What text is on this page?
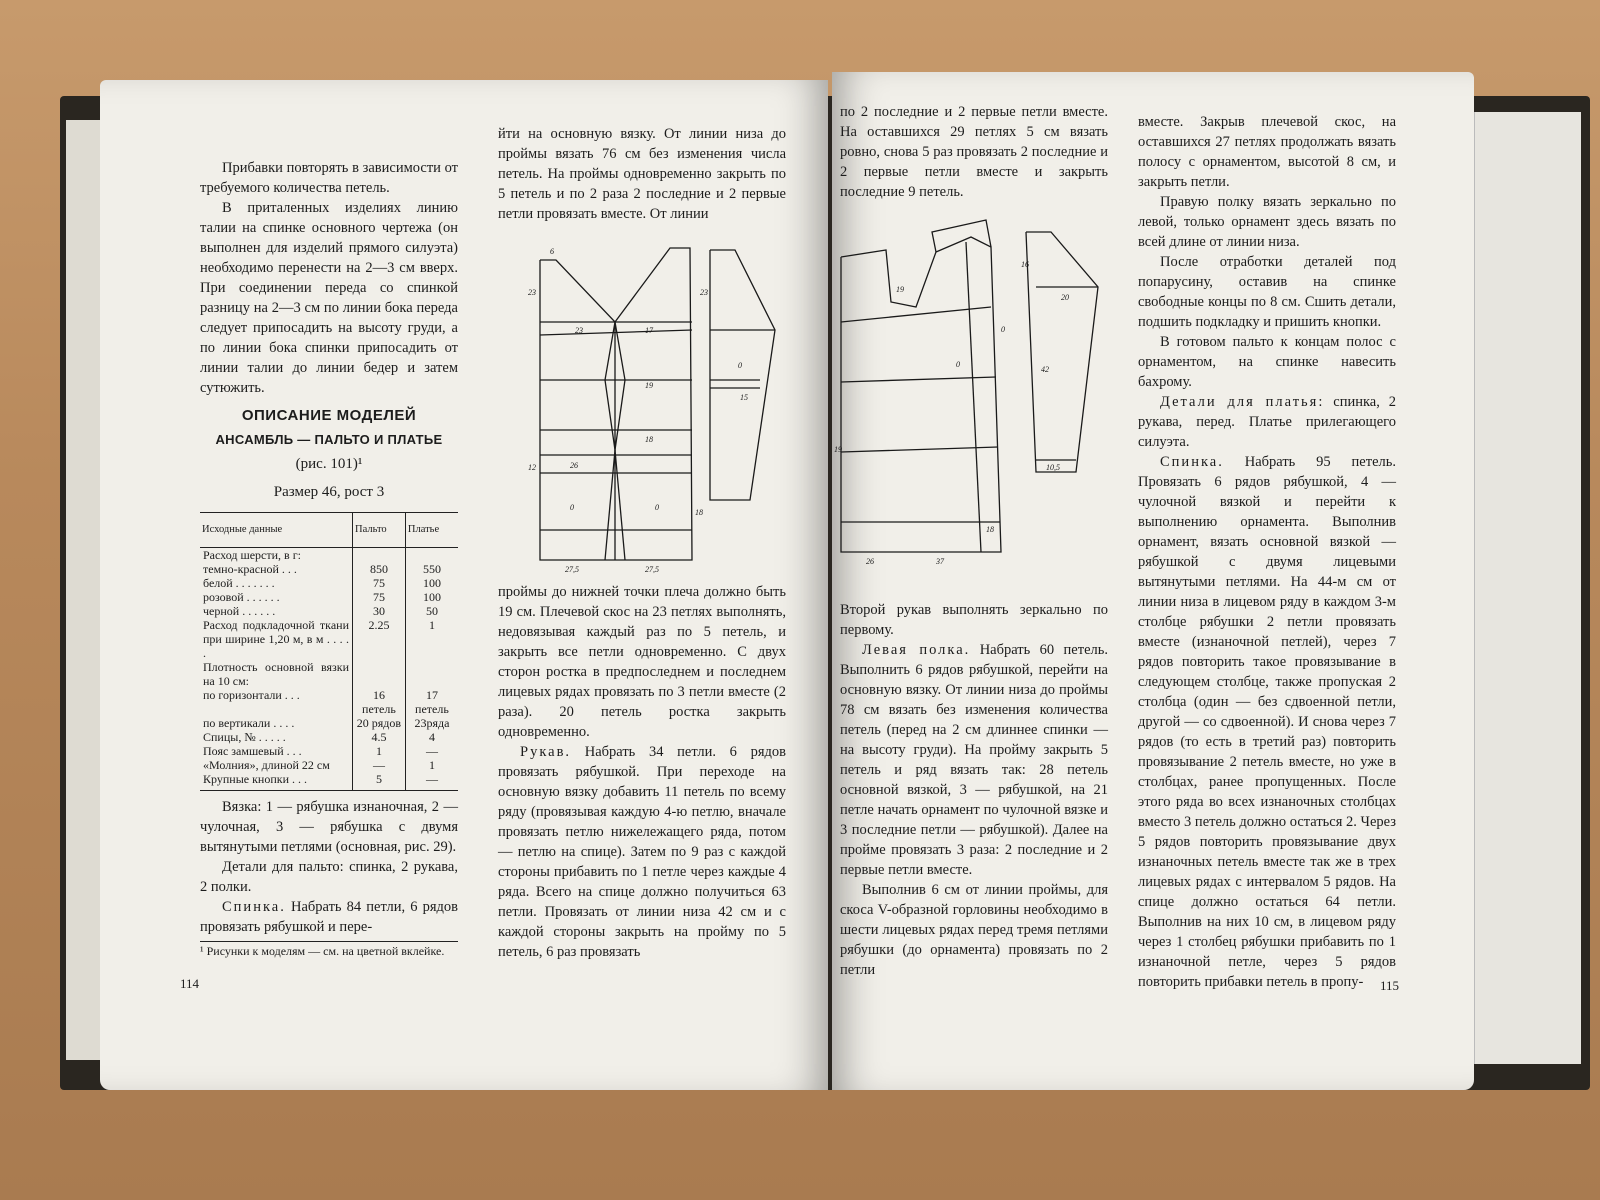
Прибавки повторять в зависимости от требуемого количества петель.

В приталенных изделиях линию талии на спинке основного чертежа (он выполнен для изделий прямого силуэта) необходимо перенести на 2—3 см вверх. При соединении переда со спинкой разницу на 2—3 см по линии бока переда следует припосадить на высоту груди, а по линии бока спинки припосадить от линии талии до линии бедер и затем сутюжить.

ОПИСАНИЕ МОДЕЛЕЙ
АНСАМБЛЬ — ПАЛЬТО И ПЛАТЬЕ
(рис. 101)¹
Размер 46, рост 3
Исходные данные	Пальто	Платье
Расход шерсти, в г:		
темно-красной . . .	850	550
белой . . . . . . .	75	100
розовой . . . . . .	75	100
черной . . . . . .	30	50
Расход подкладочной ткани при ширине 1,20 м, в м . . . . .	2.25	1
Плотность основной вязки на 10 см:		
по горизонтали . . .	16 петель	17 петель
по вертикали . . . .	20 рядов	23ряда
Спицы, № . . . . .	4.5	4
Пояс замшевый . . .	1	—
«Молния», длиной 22 см	—	1
Крупные кнопки . . .	5	—

Вязка: 1 — рябушка изнаночная, 2 — чулочная, 3 — рябушка с двумя вытянутыми петлями (основная, рис. 29).

Детали для пальто: спинка, 2 рукава, 2 полки.

Спинка. Набрать 84 петли, 6 рядов провязать рябушкой и пере-

¹ Рисунки к моделям — см. на цветной вклейке.
114

йти на основную вязку. От линии низа до проймы вязать 76 см без изменения числа петель. На проймы одновременно закрыть по 5 петель и по 2 раза 2 последние и 2 первые петли провязать вместе. От линии

23
23	17
23
19
18
26
12
0	0
0
27,5	27,5
15
18
6

проймы до нижней точки плеча должно быть 19 см. Плечевой скос на 23 петлях выполнять, недовязывая каждый раз по 5 петель, и закрыть все петли одновременно. С двух сторон ростка в предпоследнем и последнем лицевых рядах провязать по 3 петли вместе (2 раза). 20 петель ростка закрыть одновременно.

Рукав. Набрать 34 петли. 6 рядов провязать рябушкой. При переходе на основную вязку добавить 11 петель по всему ряду (провязывая каждую 4-ю петлю, вначале провязать петлю нижележащего ряда, потом — петлю на спице). Затем по 9 раз с каждой стороны прибавить по 1 петле через каждые 4 ряда. Всего на спице должно получиться 63 петли. Провязать от линии низа 42 см и с каждой стороны закрыть на пройму по 5 петель, 6 раз провязать

по 2 последние и 2 первые петли вместе. На оставшихся 29 петлях 5 см вязать ровно, снова 5 раз провязать 2 последние и 2 первые петли вместе и закрыть последние 9 петель.

19
0
42
20
10,5
19
26	37
16
18
0

Второй рукав выполнять зеркально по первому.

Левая полка. Набрать 60 петель. Выполнить 6 рядов рябушкой, перейти на основную вязку. От линии низа до проймы 78 см вязать без изменения количества петель (перед на 2 см длиннее спинки — на высоту груди). На пройму закрыть 5 петель и ряд вязать так: 28 петель основной вязкой, 3 — рябушкой, на 21 петле начать орнамент по чулочной вязке и 3 последние петли — рябушкой). Далее на пройме провязать 3 раза: 2 последние и 2 первые петли вместе.

Выполнив 6 см от линии проймы, для скоса V-образной горловины необходимо в шести лицевых рядах перед тремя петлями рябушки (до орнамента) провязать по 2 петли

вместе. Закрыв плечевой скос, на оставшихся 27 петлях продолжать вязать полосу с орнаментом, высотой 8 см, и закрыть петли.

Правую полку вязать зеркально по левой, только орнамент здесь вязать по всей длине от линии низа.

После отработки деталей под попарусину, оставив на спинке свободные концы по 8 см. Сшить детали, подшить подкладку и пришить кнопки.

В готовом пальто к концам полос с орнаментом, на спинке навесить бахрому.

Детали для платья: спинка, 2 рукава, перед. Платье прилегающего силуэта.

Спинка. Набрать 95 петель. Провязать 6 рядов рябушкой, 4 — чулочной вязкой и перейти к выполнению орнамента. Выполнив орнамент, вязать основной вязкой — рябушкой с двумя лицевыми вытянутыми петлями. На 44-м см от линии низа в лицевом ряду в каждом 3-м столбце рябушки 2 петли провязать вместе (изнаночной петлей), через 7 рядов повторить такое провязывание в следующем столбце, также пропуская 2 столбца (один — без сдвоенной петли, другой — со сдвоенной). И снова через 7 рядов (то есть в третий раз) повторить провязывание 2 петель вместе, но уже в столбцах, ранее пропущенных. После этого ряда во всех изнаночных столбцах вместо 3 петель должно остаться 2. Через 5 рядов повторить провязывание двух изнаночных петель вместе так же в трех лицевых рядах с интервалом 5 рядов. На спице должно остаться 64 петли. Выполнив на них 10 см, в лицевом ряду через 1 столбец рябушки прибавить по 1 изнаночной петле, через 5 рядов повторить прибавки петель в пропу-	115
